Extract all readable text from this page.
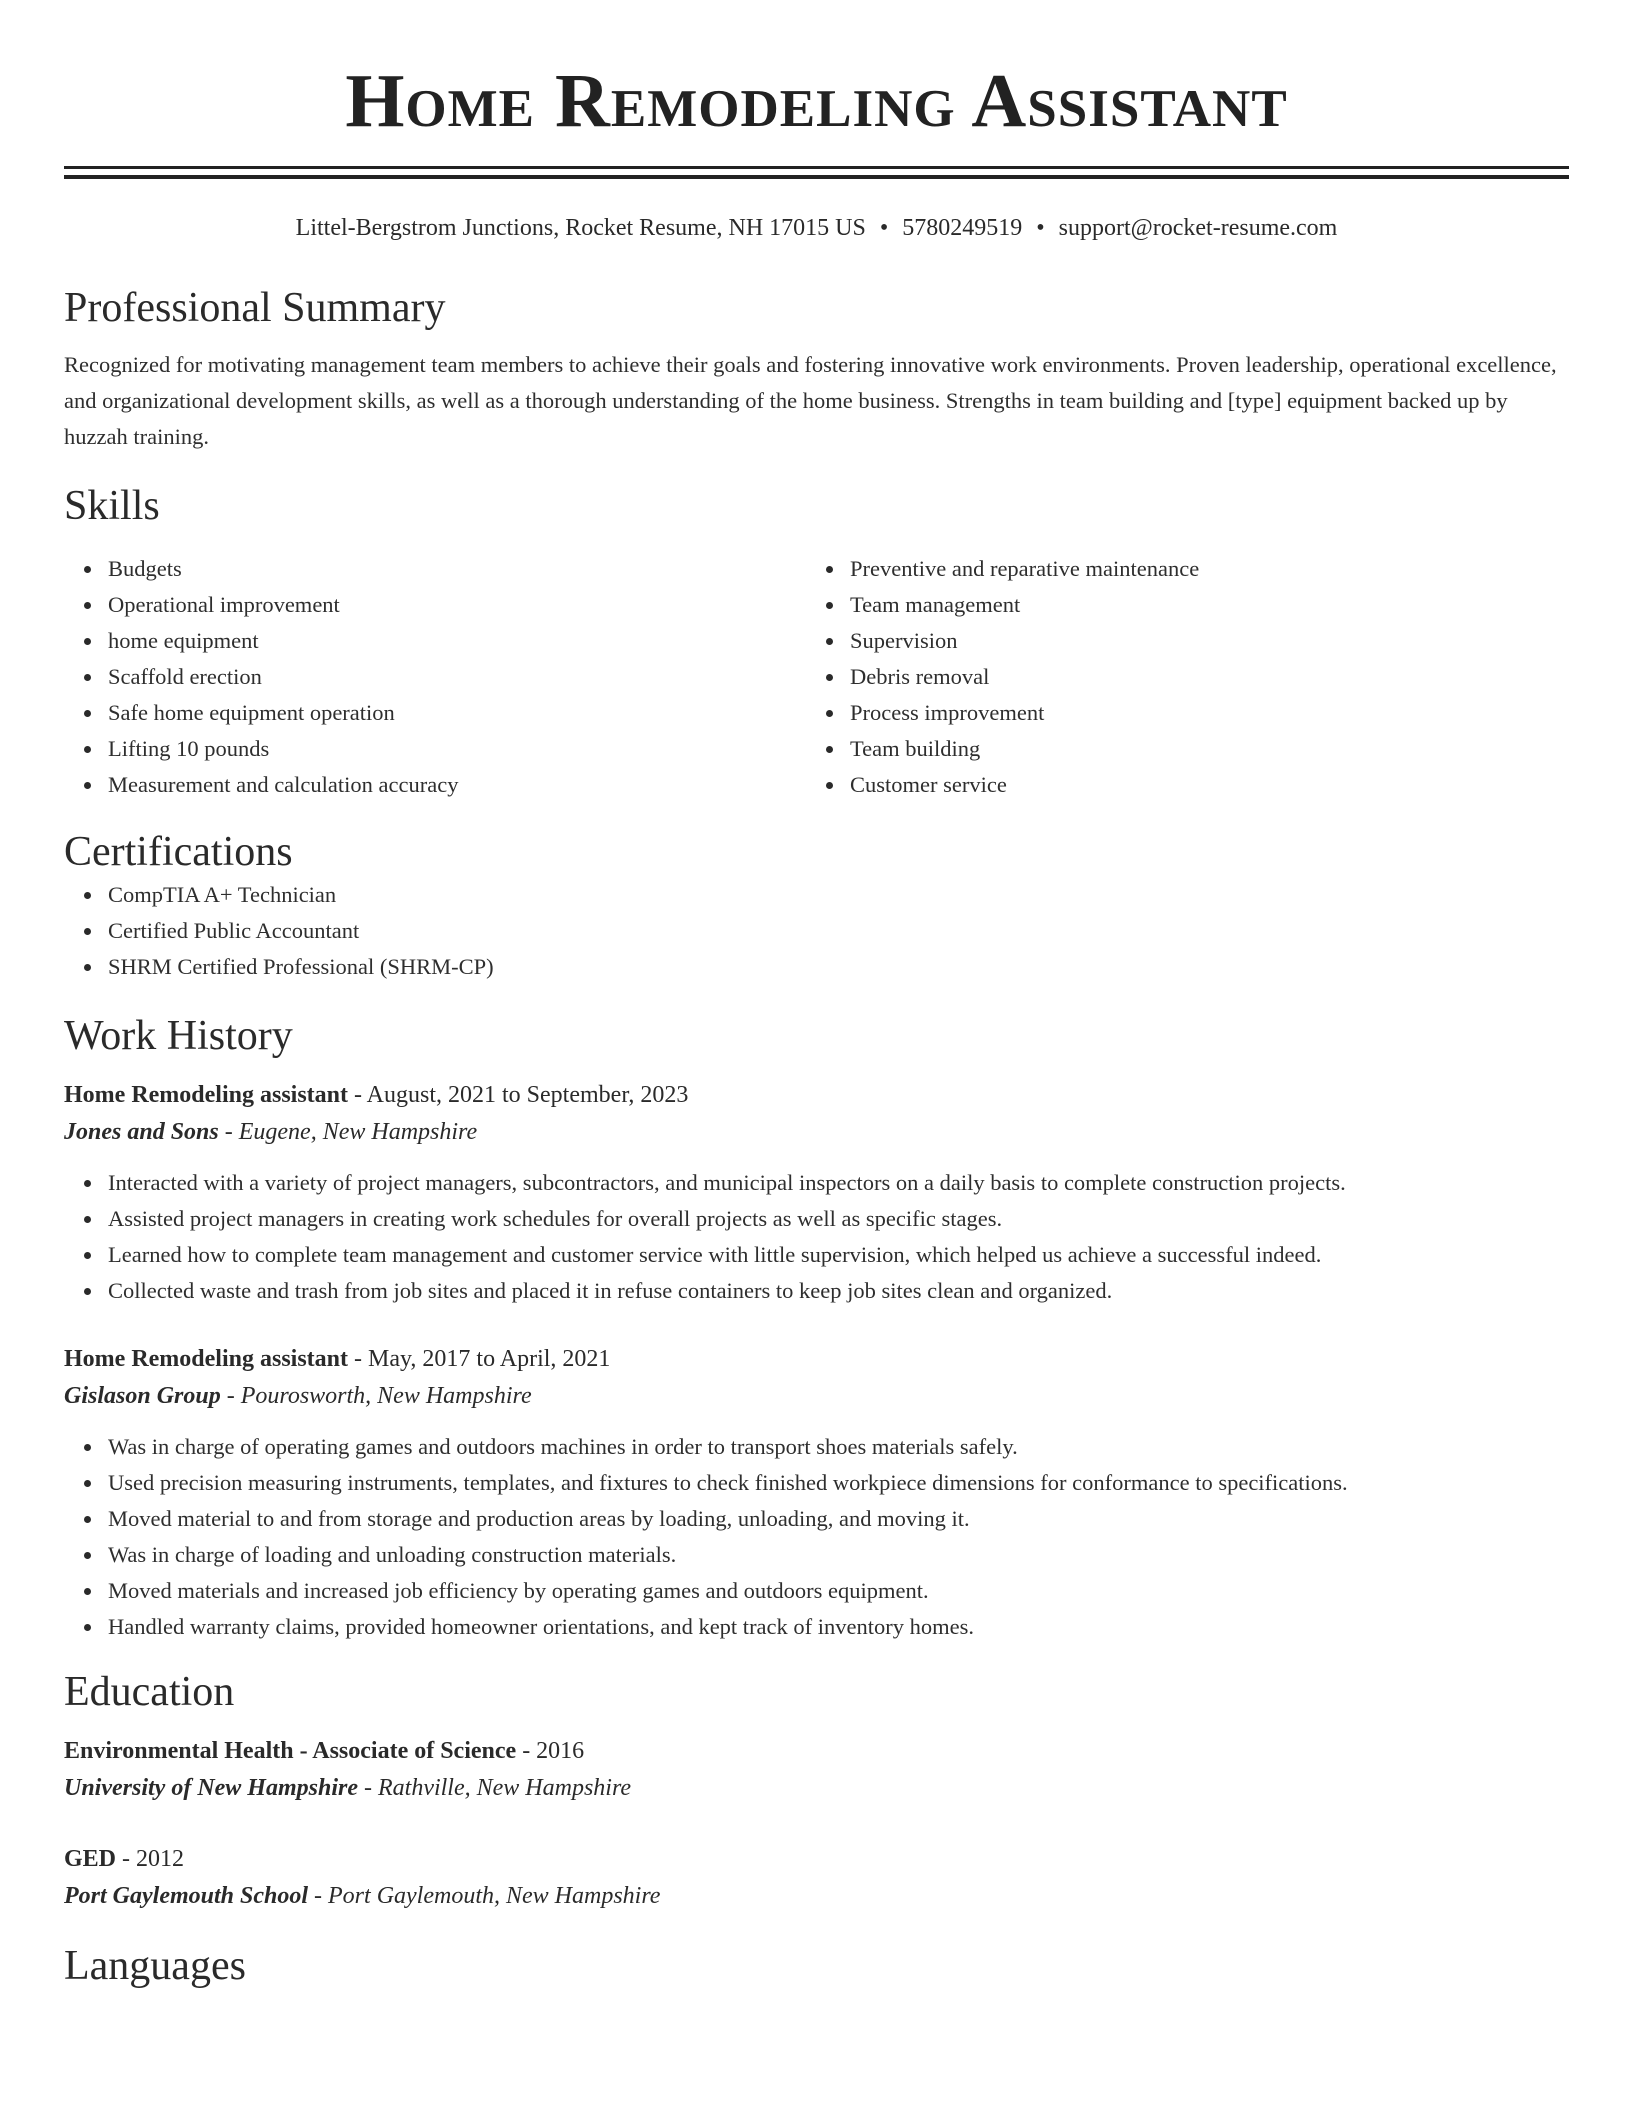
Home Remodeling Assistant
Littel-Bergstrom Junctions, Rocket Resume, NH 17015 US • 5780249519 • support@rocket-resume.com
Professional Summary
Recognized for motivating management team members to achieve their goals and fostering innovative work environments. Proven leadership, operational excellence, and organizational development skills, as well as a thorough understanding of the home business. Strengths in team building and [type] equipment backed up by huzzah training.
Skills
Budgets
Operational improvement
home equipment
Scaffold erection
Safe home equipment operation
Lifting 10 pounds
Measurement and calculation accuracy
Preventive and reparative maintenance
Team management
Supervision
Debris removal
Process improvement
Team building
Customer service
Certifications
CompTIA A+ Technician
Certified Public Accountant
SHRM Certified Professional (SHRM-CP)
Work History
Home Remodeling assistant - August, 2021 to September, 2023
Jones and Sons - Eugene, New Hampshire
Interacted with a variety of project managers, subcontractors, and municipal inspectors on a daily basis to complete construction projects.
Assisted project managers in creating work schedules for overall projects as well as specific stages.
Learned how to complete team management and customer service with little supervision, which helped us achieve a successful indeed.
Collected waste and trash from job sites and placed it in refuse containers to keep job sites clean and organized.
Home Remodeling assistant - May, 2017 to April, 2021
Gislason Group - Pourosworth, New Hampshire
Was in charge of operating games and outdoors machines in order to transport shoes materials safely.
Used precision measuring instruments, templates, and fixtures to check finished workpiece dimensions for conformance to specifications.
Moved material to and from storage and production areas by loading, unloading, and moving it.
Was in charge of loading and unloading construction materials.
Moved materials and increased job efficiency by operating games and outdoors equipment.
Handled warranty claims, provided homeowner orientations, and kept track of inventory homes.
Education
Environmental Health - Associate of Science - 2016
University of New Hampshire - Rathville, New Hampshire
GED - 2012
Port Gaylemouth School - Port Gaylemouth, New Hampshire
Languages
